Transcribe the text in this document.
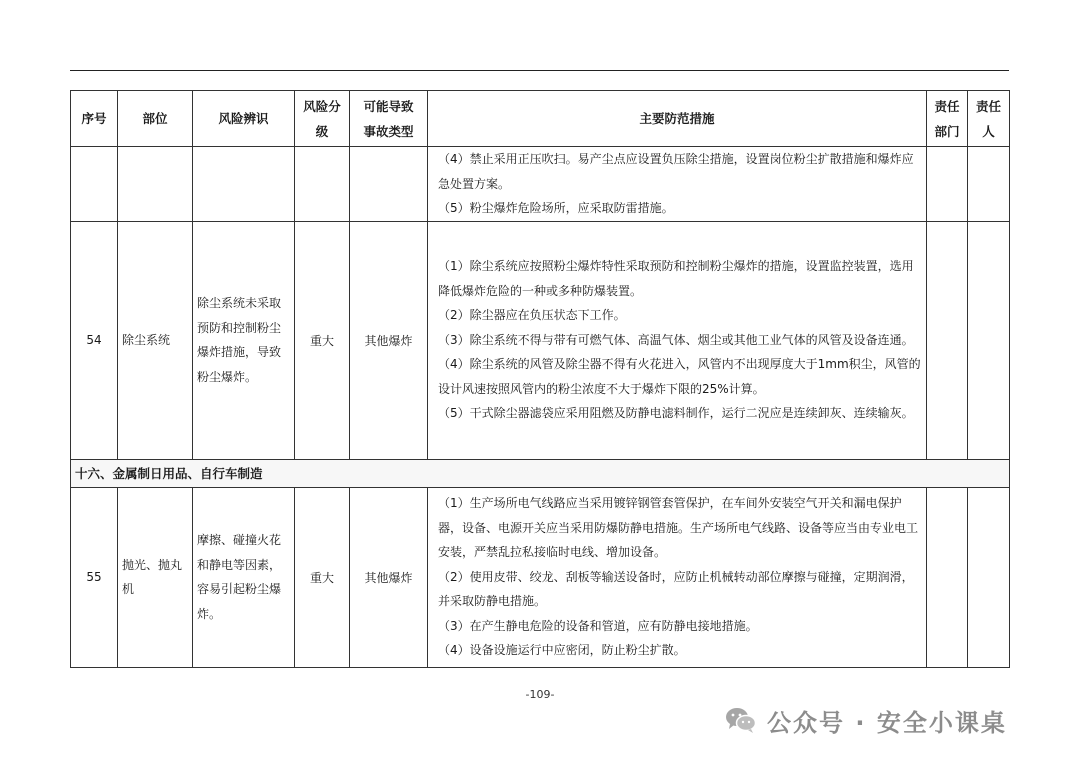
序号	部位	风险辨识	风险分级	可能导致事故类型	主要防范措施	责任部门	责任人

					（4）禁止采用正压吹扫。易产尘点应设置负压除尘措施，设置岗位粉尘扩散措施和爆炸应急处置方案。

（5）粉尘爆炸危险场所，应采取防雷措施。		

54	除尘系统	除尘系统未采取预防和控制粉尘爆炸措施，导致粉尘爆炸。	重大	其他爆炸	（1）除尘系统应按照粉尘爆炸特性采取预防和控制粉尘爆炸的措施，设置监控装置，选用降低爆炸危险的一种或多种防爆装置。

（2）除尘器应在负压状态下工作。

（3）除尘系统不得与带有可燃气体、高温气体、烟尘或其他工业气体的风管及设备连通。

（4）除尘系统的风管及除尘器不得有火花进入，风管内不出现厚度大于1mm积尘，风管的设计风速按照风管内的粉尘浓度不大于爆炸下限的25%计算。

（5）干式除尘器滤袋应采用阻燃及防静电滤料制作，运行二況应是连续卸灰、连续输灰。		

十六、金属制日用品、自行车制造							
55	抛光、抛丸机	摩擦、碰撞火花和静电等因素，容易引起粉尘爆炸。	重大	其他爆炸	（1）生产场所电气线路应当采用镀锌钢管套管保护，在车间外安装空气开关和漏电保护器，设备、电源开关应当采用防爆防静电措施。生产场所电气线路、设备等应当由专业电工安装，严禁乱拉私接临时电线、增加设备。

（2）使用皮带、绞龙、刮板等输送设备时，应防止机械转动部位摩擦与碰撞，定期润滑，并采取防静电措施。

（3）在产生静电危险的设备和管道，应有防静电接地措施。

（4）设备设施运行中应密闭，防止粉尘扩散。		

-109-
公众号 · 安全小课桌
